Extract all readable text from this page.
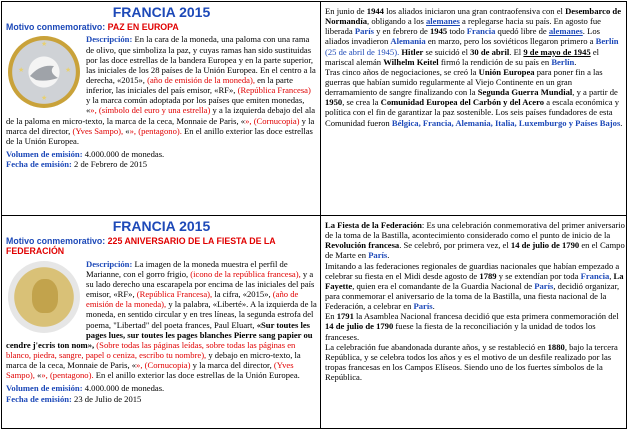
FRANCIA 2015
Motivo conmemorativo: PAZ EN EUROPA
★
★	★
★
Descripción: En la cara de la moneda, una paloma con una rama de olivo, que simboliza la paz, y cuyas ramas han sido sustituidas por las doce estrellas de la bandera Europea y en la parte superior, las iniciales de los 28 países de la Unión Europea. En el centro a la derecha, «2015», (año de emisión de la moneda), en la parte inferior, las iniciales del país emisor, «RF», (República Francesa) y la marca común adoptada por los países que emiten monedas, «», (símbolo del euro y una estrella) y a la izquierda debajo del ala de la paloma en micro-texto, la marca de la ceca, Monnaie de Paris, «», (Cornucopia) y la marca del director, (Yves Sampo), «», (pentagono). En el anillo exterior las doce estrellas de la Unión Europea.
Volumen de emisión: 4.000.000 de monedas.
Fecha de emisión: 2 de Febrero de 2015

En junio de 1944 los aliados iniciaron una gran contraofensiva con el Desembarco de Normandía, obligando a los alemanes a replegarse hacia su país. En agosto fue liberada París y en febrero de 1945 todo Francia quedó libre de alemanes. Los aliados invadieron Alemania en marzo, pero los soviéticos llegaron primero a Berlín (25 de abril de 1945). Hitler se suicidó el 30 de abril. El 9 de mayo de 1945 el mariscal alemán Wilhelm Keitel firmó la rendición de su país en Berlín.

Tras cinco años de negociaciones, se creó la Unión Europea para poner fin a las guerras que habían sumido regularmente al Viejo Continente en un gran derramamiento de sangre finalizando con la Segunda Guerra Mundial, y a partir de 1950, se crea la Comunidad Europea del Carbón y del Acero a escala económica y política con el fin de garantizar la paz sostenible. Los seis países fundadores de esta Comunidad fueron Bélgica, Francia, Alemania, Italia, Luxemburgo y Países Bajos.

FRANCIA 2015
Motivo conmemorativo: 225 ANIVERSARIO DE LA FIESTA DE LA FEDERACIÓN
Descripción: La imagen de la moneda muestra el perfil de Marianne, con el gorro frigio, (icono de la república francesa), y a su lado derecho una escarapela por encima de las iniciales del país emisor, «RF», (República Francesa), la cifra, «2015», (año de emisión de la moneda), y la palabra, «Liberté». A la izquierda de la moneda, en sentido circular y en tres líneas, la segunda estrofa del poema, "Libertad" del poeta frances, Paul Eluart, «Sur toutes les pages lues, sur toutes les pages blanches Pierre sang papier ou cendre j'ecris ton nom», (Sobre todas las páginas leídas, sobre todas las páginas en blanco, piedra, sangre, papel o ceniza, escribo tu nombre), y debajo en micro-texto, la marca de la ceca, Monnaie de Paris, «», (Cornucopia) y la marca del director, (Yves Sampo), «», (pentagono). En el anillo exterior las doce estrellas de la Unión Europea.
Volumen de emisión: 4.000.000 de monedas.
Fecha de emisión: 23 de Julio de 2015

La Fiesta de la Federación: Es una celebración conmemorativa del primer aniversario de la toma de la Bastilla, acontecimiento considerado como el punto de inicio de la Revolución francesa. Se celebró, por primera vez, el 14 de julio de 1790 en el Campo de Marte en París.

Imitando a las federaciones regionales de guardias nacionales que habían empezado a celebrar su fiesta en el Midi desde agosto de 1789 y se extendían por toda Francia, La Fayette, quien era el comandante de la Guardia Nacional de París, decidió organizar, para conmemorar el aniversario de la toma de la Bastilla, una fiesta nacional de la Federación, a celebrar en París.

En 1791 la Asamblea Nacional francesa decidió que esta primera conmemoración del 14 de julio de 1790 fuese la fiesta de la reconciliación y la unidad de todos los franceses.

La celebración fue abandonada durante años, y se restableció en 1880, bajo la tercera República, y se celebra todos los años y es el motivo de un desfile realizado por las tropas francesas en los Campos Elíseos. Siendo uno de los fuertes símbolos de la República.
